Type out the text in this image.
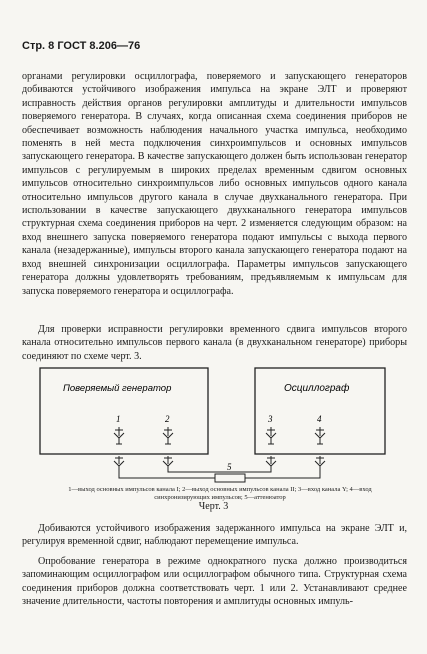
Стр. 8 ГОСТ 8.206—76

органами регулировки осциллографа, поверяемого и запускающего генераторов добиваются устойчивого изображения импульса на экране ЭЛТ и проверяют исправность действия органов регулировки амплитуды и длительности импульсов поверяемого генератора. В случаях, когда описанная схема соединения приборов не обеспечивает возможность наблюдения начального участка импульса, необходимо поменять в ней места подключения синхроимпульсов и основных импульсов запускающего генератора. В качестве запускающего должен быть использован генератор импульсов с регулируемым в широких пределах временным сдвигом основных импульсов относительно синхроимпульсов либо основных импульсов одного канала относительно импульсов другого канала в случае двухканального генератора. При использовании в качестве запускающего двухканального генератора импульсов структурная схема соединения приборов на черт. 2 изменяется следующим образом: на вход внешнего запуска поверяемого генератора подают импульсы с выхода первого канала (незадержанные), импульсы второго канала запускающего генератора подают на вход внешней синхронизации осциллографа. Параметры импульсов запускающего генератора должны удовлетворять требованиям, предъявляемым к импульсам для запуска поверяемого генератора и осциллографа.

Поверяемый генератор	Осциллограф
1	2	3	4
5

Для проверки исправности регулировки временного сдвига импульсов второго канала относительно импульсов первого канала (в двухканальном генераторе) приборы соединяют по схеме черт. 3.

1—выход основных импульсов канала I; 2—выход основных импульсов канала II; 3—вход канала Y; 4—вход синхронизирующих импульсов; 5—аттенюатор
Черт. 3

Добиваются устойчивого изображения задержанного импульса на экране ЭЛТ и, регулируя временной сдвиг, наблюдают перемещение импульса.

Опробование генератора в режиме однократного пуска должно производиться запоминающим осциллографом или осциллографом обычного типа. Структурная схема соединения приборов должна соответствовать черт. 1 или 2. Устанавливают среднее значение длительности, частоты повторения и амплитуды основных импуль-
